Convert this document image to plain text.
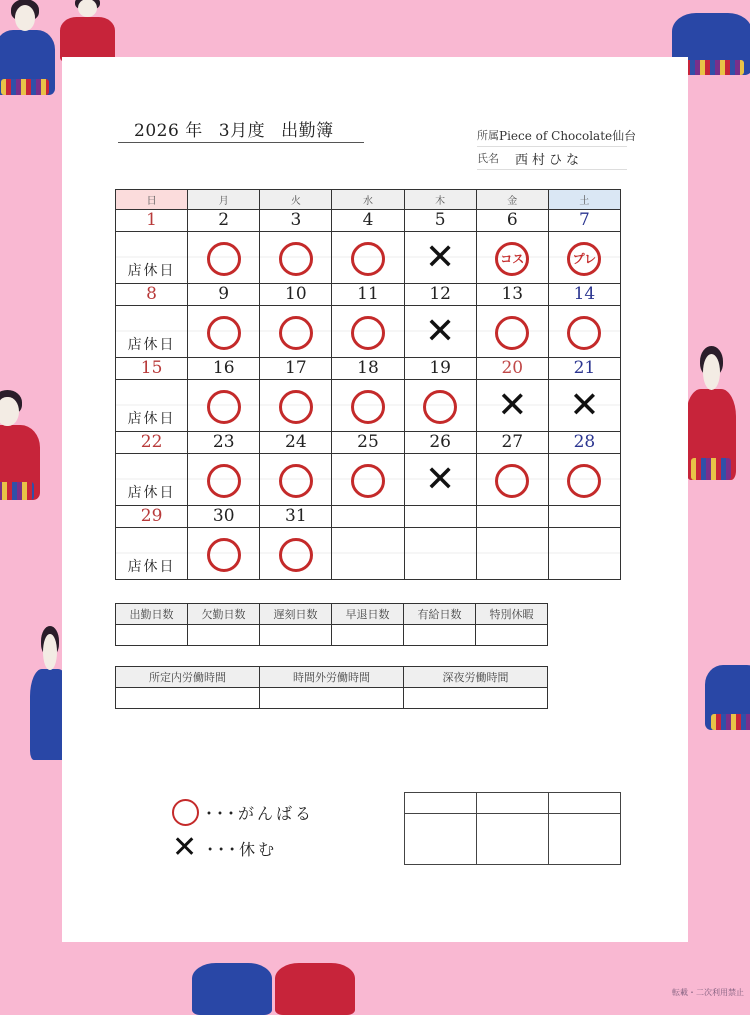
2026 年 3月度 出勤簿	所属 Piece of Chocolate仙台
氏名	西村ひな
日	月	火	水	木	金	土
1	2	3	4	5	6	7

店休日				✕	コス	プレ
8	9	10	11	12	13	14

店休日				✕		
15	16	17	18	19	20	21

店休日					✕	✕
22	23	24	25	26	27	28

店休日				✕		
29	30	31				

店休日						

出勤日数	欠勤日数	遅刻日数	早退日数	有給日数	特別休暇

所定内労働時間	時間外労働時間	深夜労働時間

･･･がんばる
✕ ･･･休む

転載・二次利用禁止
